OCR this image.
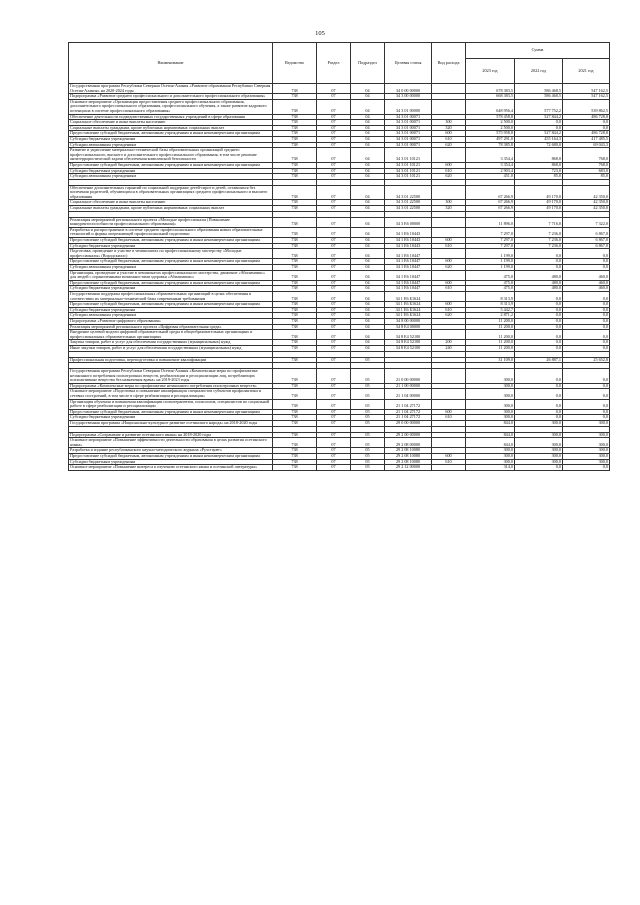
105
Наименование	Ведомство	Раздел	Подраздел	Целевая статья	Вид расхода	Сумма		
						2023 год	2022 год	2021 год
Государственная программа Республики Северная Осетия-Алания «Развитие образования Республики Северная Осетия-Алания» на 2020-2024 годы	738	07	04	34 0 00 00000		678 383,5	586 468,5	547 162,5
Подпрограмма «Развитие среднего профессионального и дополнительного профессионального образования»	738	07	04	34 3 00 00000		668 383,5	586 468,5	547 162,5
Основное мероприятие «Организация предоставления среднего профессионального образования, дополнительного профессионального образования, профессионального обучения, а также развитие кадрового потенциала в системе профессионального образования»	738	07	04	34 3 01 00000		648 956,4	577 752,2	539 862,5
Обеспечение деятельности подведомственных государственных учреждений в сфере образования	738	07	04	34 3 01 00071		578 458,8	527 844,2	486 728,8
Социальное обеспечение и иные выплаты населению	738	07	04	34 3 01 00071	300	2 500,0	0,0	0,0
Социальные выплаты гражданам, кроме публичных нормативных социальных выплат	738	07	04	34 3 01 00071	320	2 500,0	0,0	0,0
Предоставление субсидий бюджетным, автономным учреждениям и иным некоммерческим организациям	738	07	04	34 3 01 00071	600	575 958,8	527 844,2	486 728,8
Субсидии бюджетным учреждениям	738	07	04	34 3 01 00071	610	497 291,0	455 164,3	417 485,5
Субсидии автономным учреждениям	738	07	04	34 3 01 00071	620	78 385,8	72 680,0	69 043,3
Развитие и укрепление материально-технической базы образовательных организаций среднего профессионального, высшего и дополнительного профессионального образования, в том числе решение антитеррористической задачи обеспечения комплексной безопасности	738	07	04	34 3 01 10121		3 354,4	868,0	768,0
Предоставление субсидий бюджетным, автономным учреждениям и иным некоммерческим организациям	738	07	04	34 3 01 10121	600	3 354,4	868,0	768,0
Субсидии бюджетным учреждениям	738	07	04	34 3 01 10121	610	2 903,4	723,0	683,0
Субсидии автономным учреждениям	738	07	04	34 3 01 10121	620	451,0	85,0	85,0

Обеспечение дополнительных гарантий по социальной поддержке детей-сирот и детей, оставшихся без попечения родителей, обучающихся в образовательных организациях среднего профессионального и высшего образования	738	07	04	34 3 01 22500		67 266,9	49 170,0	42 350,0
Социальное обеспечение и иные выплаты населению	738	07	04	34 3 01 22500	300	67 266,9	49 170,0	42 350,0
Социальные выплаты гражданам, кроме публичных нормативных социальных выплат	738	07	04	34 3 01 22500	320	67 266,9	49 170,0	42 350,0

Реализация мероприятий регионального проекта «Молодые профессионалы (Повышение конкурентоспособности профессионального образования)»	738	07	04	34 3 E6 00000		11 896,0	7 716,0	7 322,0
Разработка и распространение в системе среднего профессионального образования новых образовательных технологий и формы опережающей профессиональной подготовки	738	07	04	34 1 E6 10443		7 297,0	7 236,0	6 867,0
Предоставление субсидий бюджетным, автономным учреждениям и иным некоммерческим организациям	738	07	04	34 1 E6 10443	600	7 297,0	7 236,0	6 867,0
Субсидии бюджетным учреждениям	738	07	04	34 1 E6 10443	610	7 297,0	7 236,0	6 867,0
Подготовка, проведение и участие в чемпионатах по профессиональному мастерству «Молодые профессионалы» (Ворлдскиллс)	738	07	04	34 1 E6 10447		1 199,0	0,0	0,0
Предоставление субсидий бюджетным, автономным учреждениям и иным некоммерческим организациям	738	07	04	34 1 E6 10447	600	1 199,0	0,0	0,0
Субсидии автономным учреждениям	738	07	04	34 1 E6 10447	620	1 199,0	0,0	0,0
Организация, проведение и участие в чемпионатах профессионального мастерства, движение «Абилимпикс» для людей с ограниченными возможностями здоровья «Абилимпикс»	738	07	04	34 1 E6 10447		475,0	480,0	460,0
Предоставление субсидий бюджетным, автономным учреждениям и иным некоммерческим организациям	738	07	04	34 1 E6 10447	600	475,0	480,0	460,0
Субсидии бюджетным учреждениям	738	07	04	34 1 E6 10447	610	475,0	480,0	460,0
Государственная поддержка профессиональных образовательных организаций в целях обеспечения в соответствии их материально-технической базы современным требованиям	738	07	04	34 1 E6 Б1624		8 313,9	0,0	0,0
Предоставление субсидий бюджетным, автономным учреждениям и иным некоммерческим организациям	738	07	04	34 1 E6 Б1624	600	8 313,9	0,0	0,0
Субсидии бюджетным учреждениям	738	07	04	34 1 E6 Б1624	610	5 442,7	0,0	0,0
Субсидии автономным учреждениям	738	07	04	34 1 E6 Б1624	620	2 871,2	0,0	0,0
Подпрограмма «Развитие цифрового образования»	738	07	04	34 8 00 00000		11 200,0	0,0	0,0
Реализация мероприятий регионального проекта «Цифровая образовательная среда»	738	07	04	34 8 E4 00000		11 200,0	0,0	0,0
Внедрение целевой модели цифровой образовательной среды в общеобразовательных организациях и профессиональных образовательных организациях	738	07	04	34 8 E4 52100		11 200,0	0,0	0,0
Закупка товаров, работ и услуг для обеспечения государственных (муниципальных) нужд	738	07	04	34 8 E4 52100	200	11 200,0	0,0	0,0
Иные закупки товаров, работ и услуг для обеспечения государственных (муниципальных) нужд	738	07	04	34 8 E4 52100	240	11 200,0	0,0	0,0

Профессиональная подготовка, переподготовка и повышение квалификации	738	07	05			31 109,0	26 887,1	25 652,8

Государственная программа Республики Северная Осетия-Алания «Комплексные меры по профилактике незаконного потребления психотропных веществ, реабилитации и ресоциализации лиц, потребляющих психоактивные вещества без назначения врача» на 2019-2023 годы	738	07	05	21 0 00 00000		300,0	0,0	0,0
Подпрограмма «Комплексные меры по профилактике незаконного потребления психотропных веществ»	738	07	05	21 1 00 00000		300,0	0,0	0,0
Основное мероприятие «Подготовка и повышение квалификации специалистов субъектов профилактики и сетевых построений, в том числе в сфере реабилитации и ресоциализации»	738	07	05	21 1 04 00000		300,0	0,0	0,0
Организация обучения и повышения квалификации психотерапевтов, психологов, специалистов по социальной работе в сфере реабилитации и ресоциализации	738	07	05	21 1 04 27172		300,0	0,0	0,0
Предоставление субсидий бюджетным, автономным учреждениям и иным некоммерческим организациям	738	07	05	21 1 04 27172	600	300,0	0,0	0,0
Субсидии бюджетным учреждениям	738	07	05	21 1 04 27172	610	300,0	0,0	0,0
Государственная программа «Национально-культурное развитие осетинского народа» на 2018-2020 годы	738	07	05	29 0 00 00000		844,0	300,0	300,0

Подпрограмма «Сохранение и развитие осетинского языка» на 2018-2020 годы	738	07	05	29 2 00 00000		844,0	300,0	300,0
Основное мероприятие «Повышение эффективности деятельности образования в целях развития осетинского языка»	738	07	05	29 2 08 00000		844,0	300,0	300,0
Разработка и издание республиканского научно-методического журнала «Рухстауæг»	738	07	05	29 2 08 10080		300,0	300,0	300,0
Предоставление субсидий бюджетным, автономным учреждениям и иным некоммерческим организациям	738	07	05	29 2 08 10080	600	300,0	300,0	300,0
Субсидии бюджетным учреждениям	738	07	05	29 2 08 10080	610	300,0	300,0	300,0
Основное мероприятие «Повышение интереса к изучению осетинского языка и осетинской литературы»	738	07	05	29 2 12 00000		314,0	0,0	0,0
